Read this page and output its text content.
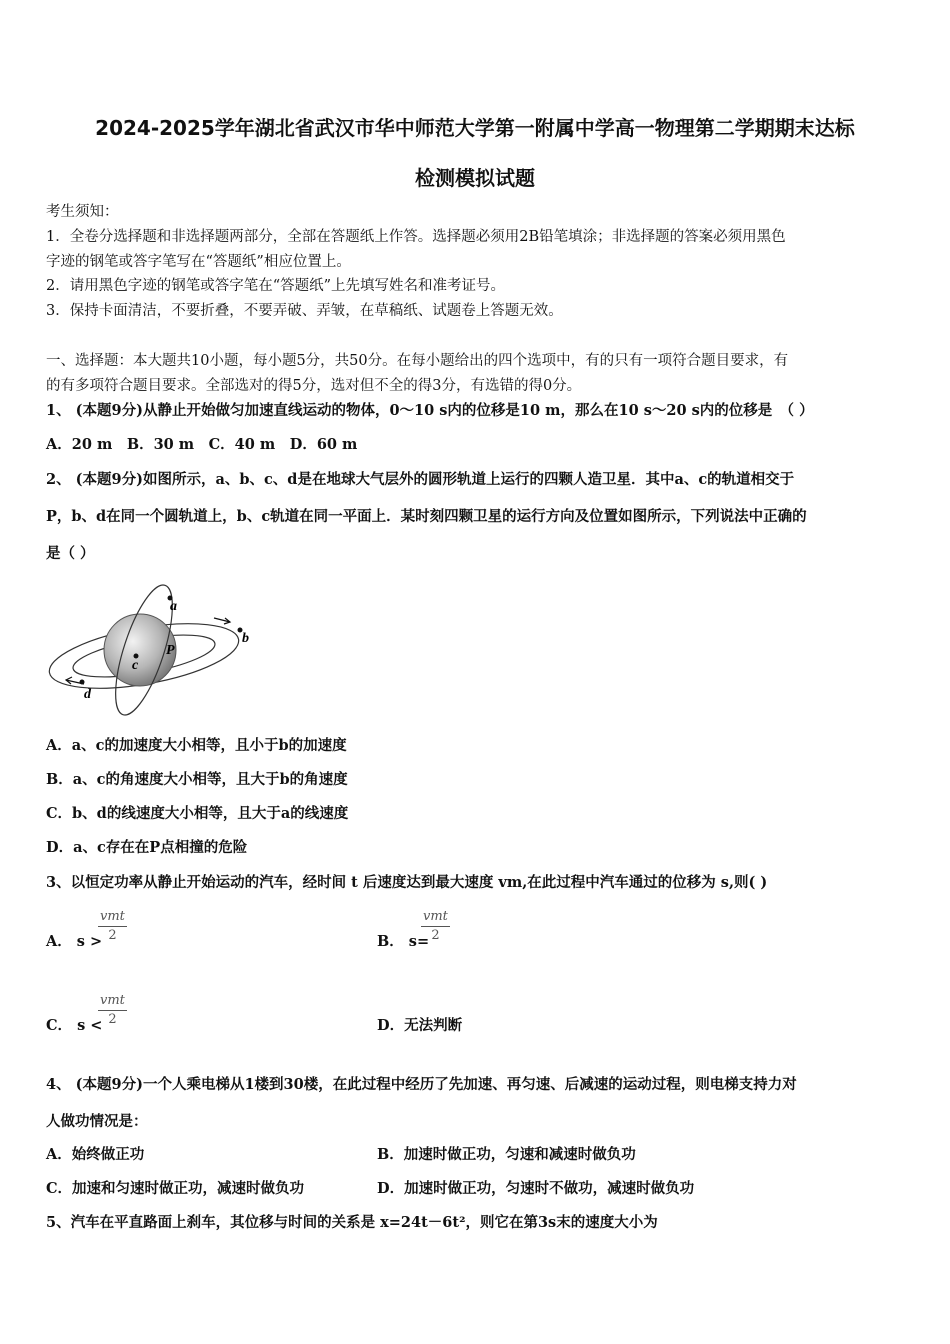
2024-2025学年湖北省武汉市华中师范大学第一附属中学高一物理第二学期期末达标
检测模拟试题
考生须知：
1．全卷分选择题和非选择题两部分，全部在答题纸上作答。选择题必须用2B铅笔填涂；非选择题的答案必须用黑色
字迹的钢笔或答字笔写在“答题纸”相应位置上。
2．请用黑色字迹的钢笔或答字笔在“答题纸”上先填写姓名和准考证号。
3．保持卡面清洁，不要折叠，不要弄破、弄皱，在草稿纸、试题卷上答题无效。
一、选择题：本大题共10小题，每小题5分，共50分。在每小题给出的四个选项中，有的只有一项符合题目要求，有
的有多项符合题目要求。全部选对的得5分，选对但不全的得3分，有选错的得0分。
1、 (本题9分)从静止开始做匀加速直线运动的物体，0～10 s内的位移是10 m，那么在10 s～20 s内的位移是　（ ）
A．20 m　B．30 m　C．40 m　D．60 m
2、 (本题9分)如图所示，a、b、c、d是在地球大气层外的圆形轨道上运行的四颗人造卫星．其中a、c的轨道相交于
P，b、d在同一个圆轨道上，b、c轨道在同一平面上．某时刻四颗卫星的运行方向及位置如图所示，下列说法中正确的
是（ ）
a
b
c
d
P
A．a、c的加速度大小相等，且小于b的加速度
B．a、c的角速度大小相等，且大于b的角速度
C．b、d的线速度大小相等，且大于a的线速度
D．a、c存在在P点相撞的危险
3、以恒定功率从静止开始运动的汽车，经时间 t 后速度达到最大速度 vm,在此过程中汽车通过的位移为 s,则( )
A． s >
vmt
2	B． s=
vmt
2
C． s <
vmt
2	D．无法判断
4、 (本题9分)一个人乘电梯从1楼到30楼，在此过程中经历了先加速、再匀速、后减速的运动过程，则电梯支持力对
人做功情况是：
A．始终做正功	B．加速时做正功，匀速和减速时做负功
C．加速和匀速时做正功，减速时做负功	D．加速时做正功，匀速时不做功，减速时做负功
5、汽车在平直路面上刹车，其位移与时间的关系是 x=24t－6t²，则它在第3s末的速度大小为
